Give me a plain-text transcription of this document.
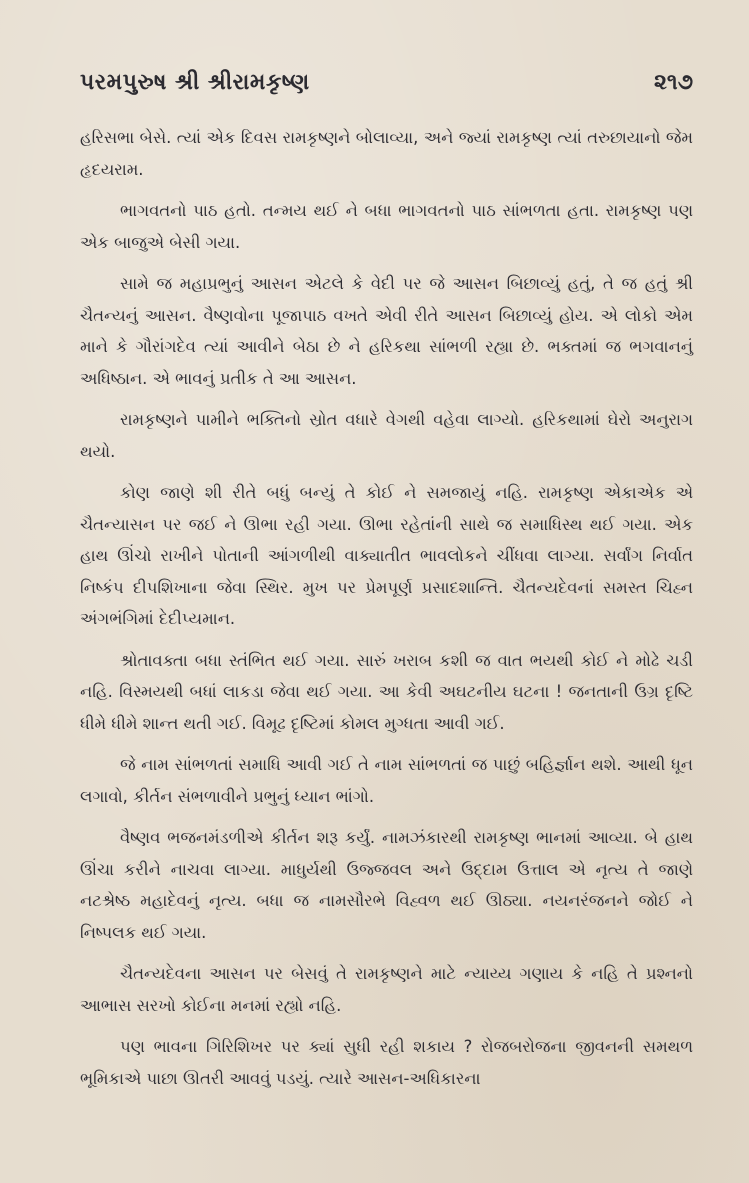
પરમપુરુષ શ્રી શ્રીરામકૃષ્ણ	૨૧૭

હરિસભા બેસે. ત્યાં એક દિવસ રામકૃષ્ણને બોલાવ્યા, અને જ્યાં રામકૃષ્ણ ત્યાં તરુછાયાનો જેમ હૃદયરામ.

ભાગવતનો પાઠ હતો. તન્મય થઈ ને બધા ભાગવતનો પાઠ સાંભળતા હતા. રામકૃષ્ણ પણ એક બાજુએ બેસી ગયા.

સામે જ મહાપ્રભુનું આસન એટલે કે વેદી પર જે આસન બિછાવ્યું હતું, તે જ હતું શ્રી ચૈતન્યનું આસન. વૈષ્ણવોના પૂજાપાઠ વખતે એવી રીતે આસન બિછાવ્યું હોય. એ લોકો એમ માને કે ગૌરાંગદેવ ત્યાં આવીને બેઠા છે ને હરિકથા સાંભળી રહ્યા છે. ભક્તમાં જ ભગવાનનું અધિષ્ઠાન. એ ભાવનું પ્રતીક તે આ આસન.

રામકૃષ્ણને પામીને ભક્તિનો સ્રોત વધારે વેગથી વહેવા લાગ્યો. હરિકથામાં ઘેરો અનુરાગ થયો.

કોણ જાણે શી રીતે બધું બન્યું તે કોઈ ને સમજાયું નહિ. રામકૃષ્ણ એકાએક એ ચૈતન્યાસન પર જઈ ને ઊભા રહી ગયા. ઊભા રહેતાંની સાથે જ સમાધિસ્થ થઈ ગયા. એક હાથ ઊંચો રાખીને પોતાની આંગળીથી વાક્યાતીત ભાવલોકને ચીંધવા લાગ્યા. સર્વાંગ નિર્વાત નિષ્કંપ દીપશિખાના જેવા સ્થિર. મુખ પર પ્રેમપૂર્ણ પ્રસાદશાન્તિ. ચૈતન્યદેવનાં સમસ્ત ચિહ્ન અંગભંગિમાં દેદીપ્યમાન.

શ્રોતાવક્તા બધા સ્તંભિત થઈ ગયા. સારું ખરાબ કશી જ વાત ભયથી કોઈ ને મોઢે ચડી નહિ. વિસ્મયથી બધાં લાકડા જેવા થઈ ગયા. આ કેવી અઘટનીય ઘટના ! જનતાની ઉગ્ર દૃષ્ટિ ધીમે ધીમે શાન્ત થતી ગઈ. વિમૂઢ દૃષ્ટિમાં કોમલ મુગ્ધતા આવી ગઈ.

જે નામ સાંભળતાં સમાધિ આવી ગઈ તે નામ સાંભળતાં જ પાછું બહિર્જ્ઞાન થશે. આથી ધૂન લગાવો, કીર્તન સંભળાવીને પ્રભુનું ધ્યાન ભાંગો.

વૈષ્ણવ ભજનમંડળીએ કીર્તન શરૂ કર્યું. નામઝંકારથી રામકૃષ્ણ ભાનમાં આવ્યા. બે હાથ ઊંચા કરીને નાચવા લાગ્યા. માધુર્યથી ઉજ્જવલ અને ઉદ્દામ ઉત્તાલ એ નૃત્ય તે જાણે નટશ્રેષ્ઠ મહાદેવનું નૃત્ય. બધા જ નામસૌરભે વિહ્વળ થઈ ઊઠ્યા. નયનરંજનને જોઈ ને નિષ્પલક થઈ ગયા.

ચૈતન્યદેવના આસન પર બેસવું તે રામકૃષ્ણને માટે ન્યાય્ય ગણાય કે નહિ તે પ્રશ્નનો આભાસ સરખો કોઈના મનમાં રહ્યો નહિ.

પણ ભાવના ગિરિશિખર પર ક્યાં સુધી રહી શકાય ? રોજબરોજના જીવનની સમથળ ભૂમિકાએ પાછા ઊતરી આવવું પડયું. ત્યારે આસન-અધિકારના
